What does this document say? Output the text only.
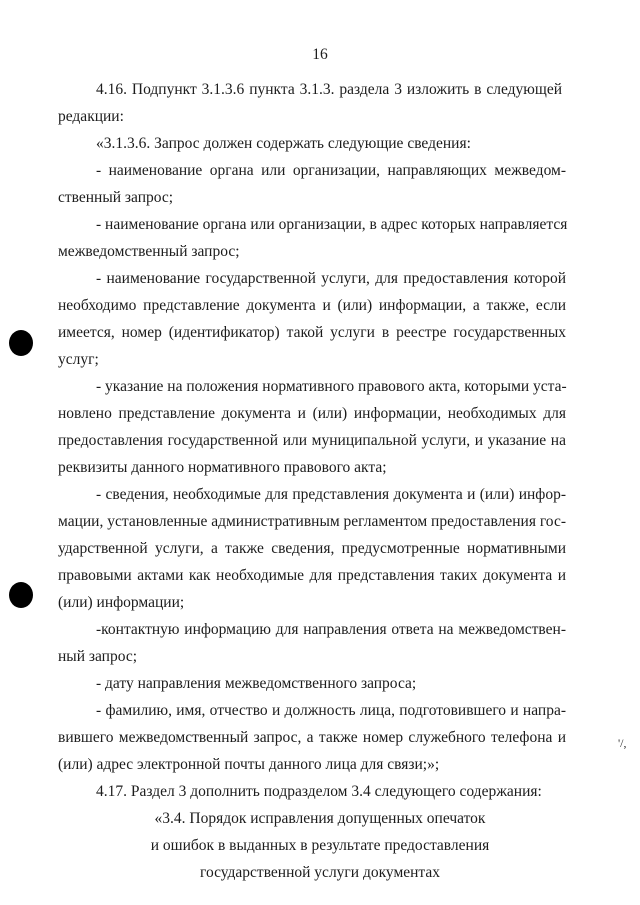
16
'/,
4.16. Подпункт 3.1.3.6 пункта 3.1.3. раздела 3 изложить в следующей
редакции:
«3.1.3.6. Запрос должен содержать следующие сведения:
- наименование органа или организации, направляющих межведом-
ственный запрос;
- наименование органа или организации, в адрес которых направляется
межведомственный запрос;
- наименование государственной услуги, для предоставления которой
необходимо представление документа и (или) информации, а также, если
имеется, номер (идентификатор) такой услуги в реестре государственных
услуг;
- указание на положения нормативного правового акта, которыми уста-
новлено представление документа и (или) информации, необходимых для
предоставления государственной или муниципальной услуги, и указание на
реквизиты данного нормативного правового акта;
- сведения, необходимые для представления документа и (или) инфор-
мации, установленные административным регламентом предоставления гос-
ударственной услуги, а также сведения, предусмотренные нормативными
правовыми актами как необходимые для представления таких документа и
(или) информации;
-контактную информацию для направления ответа на межведомствен-
ный запрос;
- дату направления межведомственного запроса;
- фамилию, имя, отчество и должность лица, подготовившего и напра-
вившего межведомственный запрос, а также номер служебного телефона и
(или) адрес электронной почты данного лица для связи;»;
4.17. Раздел 3 дополнить подразделом 3.4 следующего содержания:
«3.4. Порядок исправления допущенных опечаток
и ошибок в выданных в результате предоставления
государственной услуги документах
